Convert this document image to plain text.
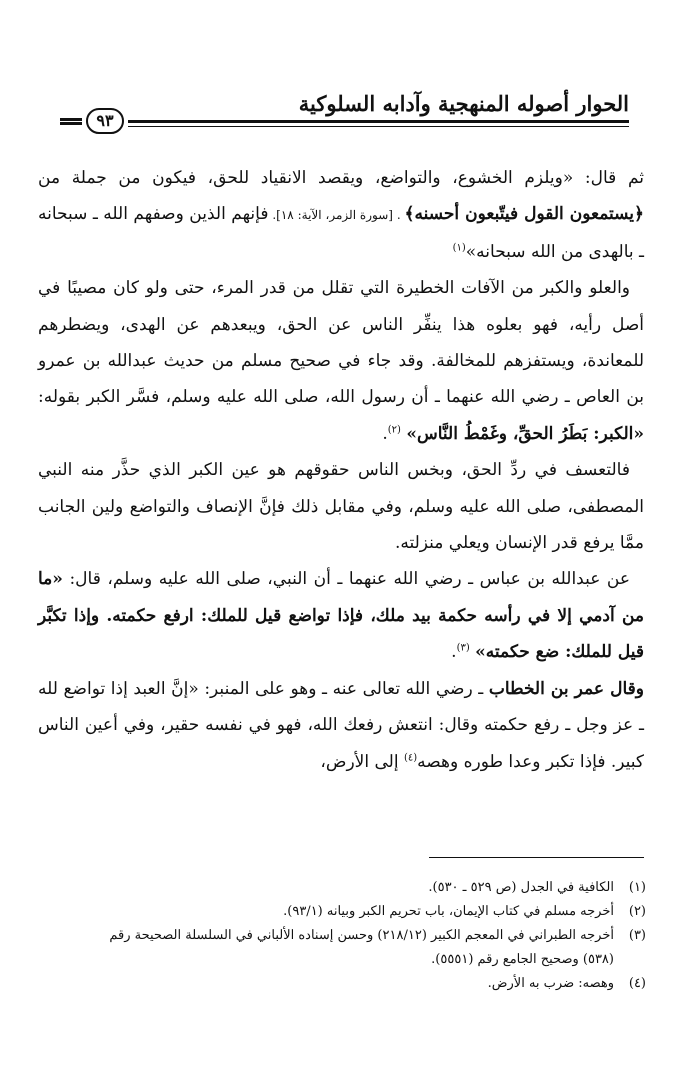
الحوار أصوله المنهجية وآدابه السلوكية
٩٣

ثم قال: «ويلزم الخشوع، والتواضع، ويقصد الانقياد للحق، فيكون من جملة من ﴿يستمعون القول فيتّبعون أحسنه﴾ . [سورة الزمر، الآية: ١٨]. فإنهم الذين وصفهم الله ـ سبحانه ـ بالهدى من الله سبحانه»$^{(١)}$

والعلو والكبر من الآفات الخطيرة التي تقلل من قدر المرء، حتى ولو كان مصيبًا في أصل رأيه، فهو بعلوه هذا ينفِّر الناس عن الحق، ويبعدهم عن الهدى، ويضطرهم للمعاندة، ويستفزهم للمخالفة. وقد جاء في صحيح مسلم من حديث عبدالله بن عمرو بن العاص ـ رضي الله عنهما ـ أن رسول الله، صلى الله عليه وسلم، فسَّر الكبر بقوله: «الكبر: بَطَرُ الحقِّ، وغَمْطُ النَّاس» $^{(٢)}$.

فالتعسف في ردِّ الحق، وبخس الناس حقوقهم هو عين الكبر الذي حذَّر منه النبي المصطفى، صلى الله عليه وسلم، وفي مقابل ذلك فإنَّ الإنصاف والتواضع ولين الجانب ممَّا يرفع قدر الإنسان ويعلي منزلته.

عن عبدالله بن عباس ـ رضي الله عنهما ـ أن النبي، صلى الله عليه وسلم، قال: «ما من آدمي إلا في رأسه حكمة بيد ملك، فإذا تواضع قيل للملك: ارفع حكمته. وإذا تكبَّر قيل للملك: ضع حكمته» $^{(٣)}$.

وقال عمر بن الخطاب ـ رضي الله تعالى عنه ـ وهو على المنبر: «إنَّ العبد إذا تواضع لله ـ عز وجل ـ رفع حكمته وقال: انتعش رفعك الله، فهو في نفسه حقير، وفي أعين الناس كبير. فإذا تكبر وعدا طوره وهصه$^{(٤)}$ إلى الأرض،

(١)
الكافية في الجدل (ص ٥٢٩ ـ ٥٣٠).
(٢)
أخرجه مسلم في كتاب الإيمان، باب تحريم الكبر وبيانه (٩٣/١).
(٣)
أخرجه الطبراني في المعجم الكبير (٢١٨/١٢) وحسن إسناده الألباني في السلسلة الصحيحة رقم
(٥٣٨) وصحيح الجامع رقم (٥٥٥١).
(٤)
وهصه: ضرب به الأرض.
